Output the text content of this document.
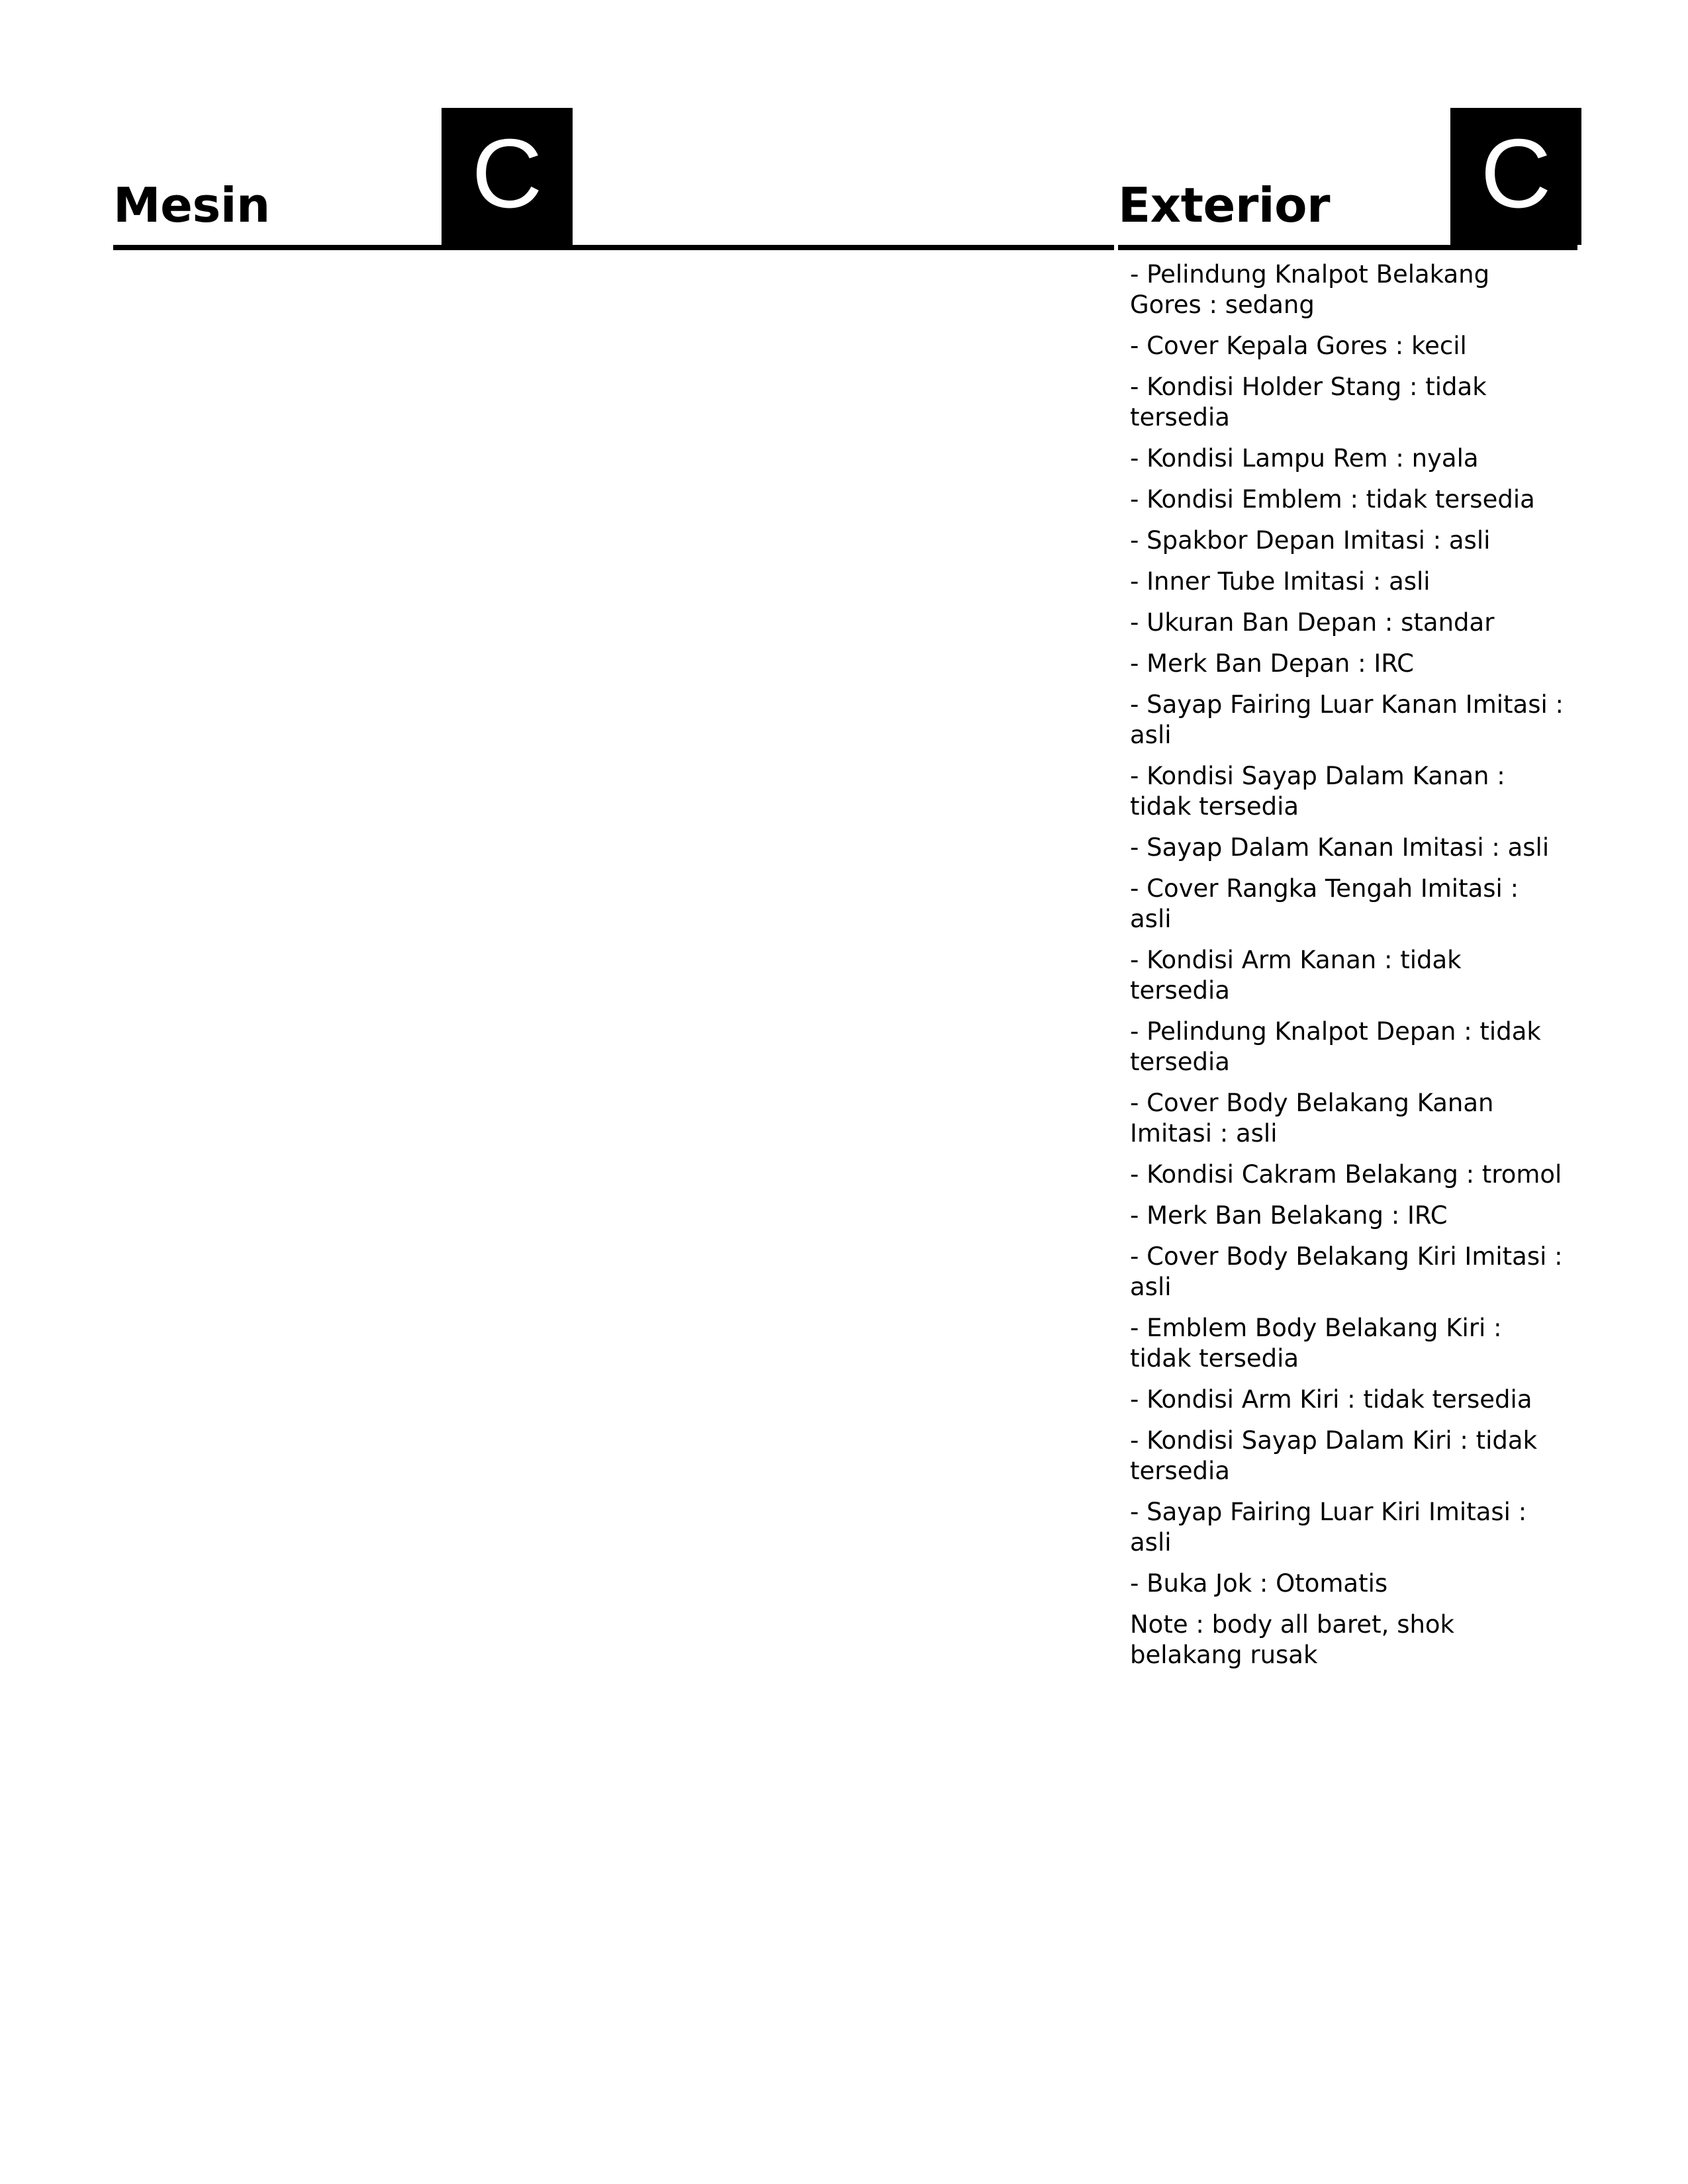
Mesin C	Exterior C
- Pelindung Knalpot Belakang Gores : sedang
- Cover Kepala Gores : kecil
- Kondisi Holder Stang : tidak tersedia
- Kondisi Lampu Rem : nyala
- Kondisi Emblem : tidak tersedia
- Spakbor Depan Imitasi : asli
- Inner Tube Imitasi : asli
- Ukuran Ban Depan : standar
- Merk Ban Depan : IRC
- Sayap Fairing Luar Kanan Imitasi : asli
- Kondisi Sayap Dalam Kanan : tidak tersedia
- Sayap Dalam Kanan Imitasi : asli
- Cover Rangka Tengah Imitasi : asli
- Kondisi Arm Kanan : tidak tersedia
- Pelindung Knalpot Depan : tidak tersedia
- Cover Body Belakang Kanan Imitasi : asli
- Kondisi Cakram Belakang : tromol
- Merk Ban Belakang : IRC
- Cover Body Belakang Kiri Imitasi : asli
- Emblem Body Belakang Kiri : tidak tersedia
- Kondisi Arm Kiri : tidak tersedia
- Kondisi Sayap Dalam Kiri : tidak tersedia
- Sayap Fairing Luar Kiri Imitasi : asli
- Buka Jok : Otomatis

Note : body all baret, shok belakang rusak
